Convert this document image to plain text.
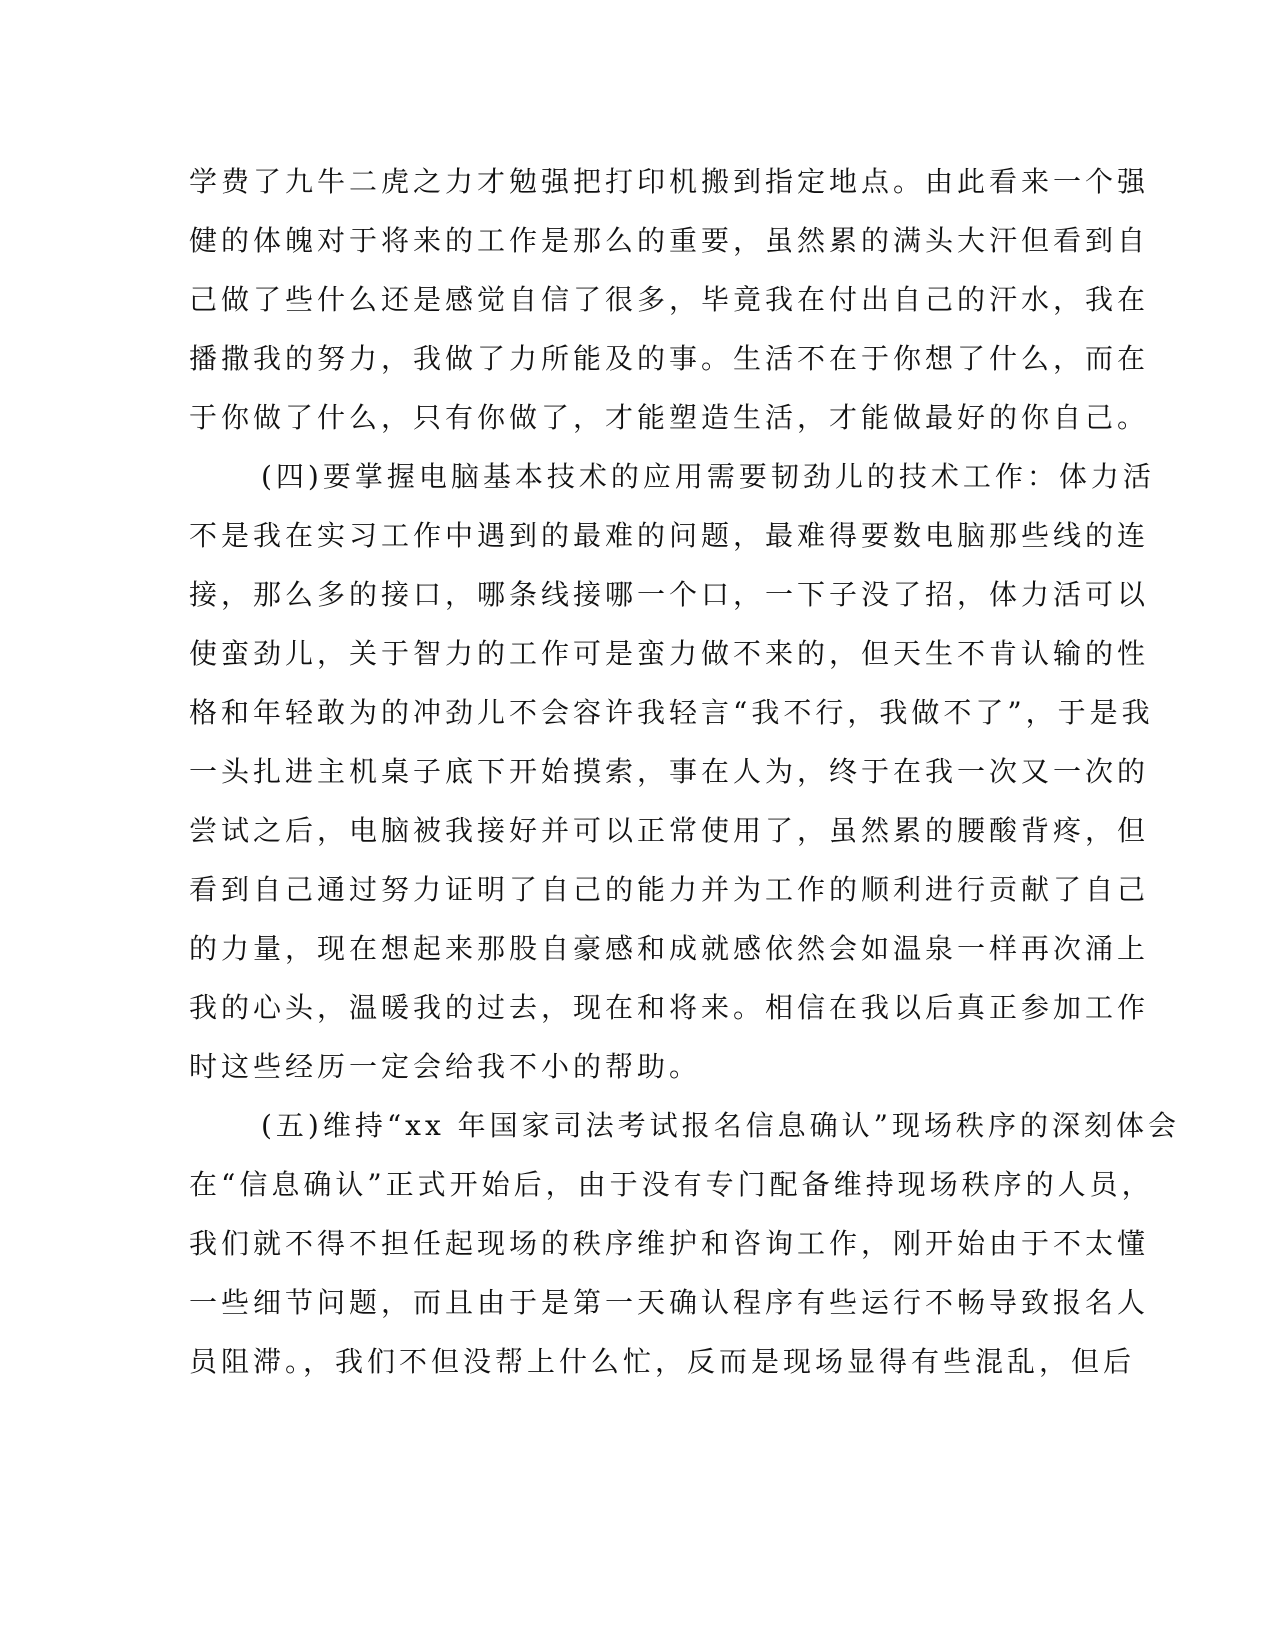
学费了九牛二虎之力才勉强把打印机搬到指定地点。由此看来一个强
健的体魄对于将来的工作是那么的重要，虽然累的满头大汗但看到自
己做了些什么还是感觉自信了很多，毕竟我在付出自己的汗水，我在
播撒我的努力，我做了力所能及的事。生活不在于你想了什么，而在
于你做了什么，只有你做了，才能塑造生活，才能做最好的你自己。
(四)要掌握电脑基本技术的应用需要韧劲儿的技术工作：体力活
不是我在实习工作中遇到的最难的问题，最难得要数电脑那些线的连
接，那么多的接口，哪条线接哪一个口，一下子没了招，体力活可以
使蛮劲儿，关于智力的工作可是蛮力做不来的，但天生不肯认输的性
格和年轻敢为的冲劲儿不会容许我轻言“我不行，我做不了”，于是我
一头扎进主机桌子底下开始摸索，事在人为，终于在我一次又一次的
尝试之后，电脑被我接好并可以正常使用了，虽然累的腰酸背疼，但
看到自己通过努力证明了自己的能力并为工作的顺利进行贡献了自己
的力量，现在想起来那股自豪感和成就感依然会如温泉一样再次涌上
我的心头，温暖我的过去，现在和将来。相信在我以后真正参加工作
时这些经历一定会给我不小的帮助。
(五)维持“xx 年国家司法考试报名信息确认”现场秩序的深刻体会
在“信息确认”正式开始后，由于没有专门配备维持现场秩序的人员，
我们就不得不担任起现场的秩序维护和咨询工作，刚开始由于不太懂
一些细节问题，而且由于是第一天确认程序有些运行不畅导致报名人
员阻滞。，我们不但没帮上什么忙，反而是现场显得有些混乱，但后
